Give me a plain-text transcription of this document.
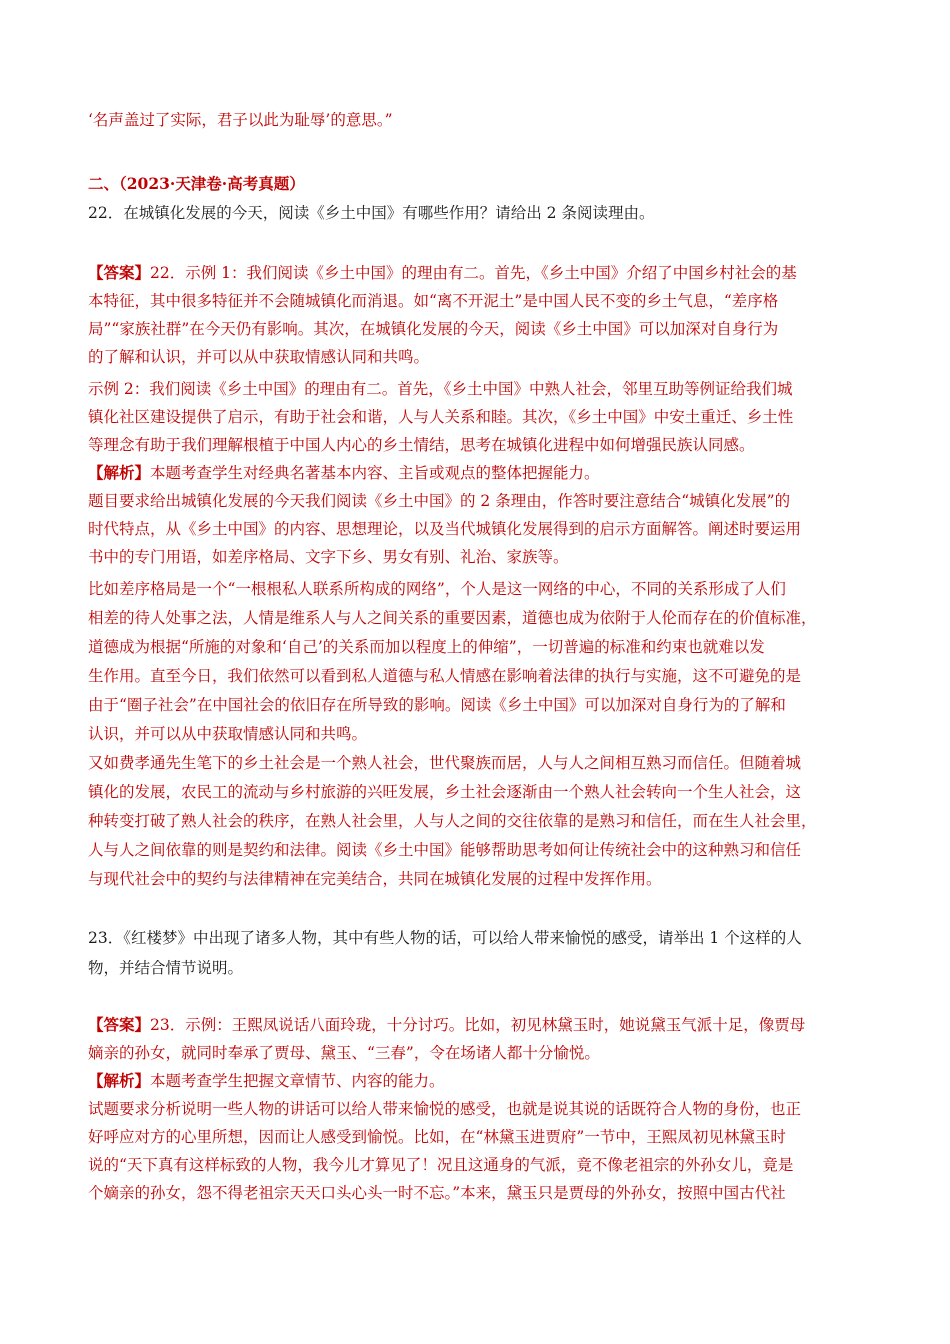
‘名声盖过了实际，君子以此为耻辱’的意思。”
二、（2023·天津卷·高考真题）
22．在城镇化发展的今天，阅读《乡土中国》有哪些作用？请给出 2 条阅读理由。
【答案】22．示例 1：我们阅读《乡土中国》的理由有二。首先，《乡土中国》介绍了中国乡村社会的基
本特征，其中很多特征并不会随城镇化而消退。如“离不开泥土”是中国人民不变的乡土气息，“差序格
局”“家族社群”在今天仍有影响。其次，在城镇化发展的今天，阅读《乡土中国》可以加深对自身行为
的了解和认识，并可以从中获取情感认同和共鸣。
示例 2：我们阅读《乡土中国》的理由有二。首先，《乡土中国》中熟人社会，邻里互助等例证给我们城
镇化社区建设提供了启示，有助于社会和谐，人与人关系和睦。其次，《乡土中国》中安土重迁、乡土性
等理念有助于我们理解根植于中国人内心的乡土情结，思考在城镇化进程中如何增强民族认同感。
【解析】本题考查学生对经典名著基本内容、主旨或观点的整体把握能力。
题目要求给出城镇化发展的今天我们阅读《乡土中国》的 2 条理由，作答时要注意结合“城镇化发展”的
时代特点，从《乡土中国》的内容、思想理论，以及当代城镇化发展得到的启示方面解答。阐述时要运用
书中的专门用语，如差序格局、文字下乡、男女有别、礼治、家族等。
比如差序格局是一个“一根根私人联系所构成的网络”，个人是这一网络的中心，不同的关系形成了人们
相差的待人处事之法，人情是维系人与人之间关系的重要因素，道德也成为依附于人伦而存在的价值标准，
道德成为根据“所施的对象和‘自己’的关系而加以程度上的伸缩”，一切普遍的标准和约束也就难以发
生作用。直至今日，我们依然可以看到私人道德与私人情感在影响着法律的执行与实施，这不可避免的是
由于“圈子社会”在中国社会的依旧存在所导致的影响。阅读《乡土中国》可以加深对自身行为的了解和
认识，并可以从中获取情感认同和共鸣。
又如费孝通先生笔下的乡土社会是一个熟人社会，世代聚族而居，人与人之间相互熟习而信任。但随着城
镇化的发展，农民工的流动与乡村旅游的兴旺发展，乡土社会逐渐由一个熟人社会转向一个生人社会，这
种转变打破了熟人社会的秩序，在熟人社会里，人与人之间的交往依靠的是熟习和信任，而在生人社会里，
人与人之间依靠的则是契约和法律。阅读《乡土中国》能够帮助思考如何让传统社会中的这种熟习和信任
与现代社会中的契约与法律精神在完美结合，共同在城镇化发展的过程中发挥作用。
23．《红楼梦》中出现了诸多人物，其中有些人物的话，可以给人带来愉悦的感受，请举出 1 个这样的人
物，并结合情节说明。
【答案】23．示例：王熙凤说话八面玲珑，十分讨巧。比如，初见林黛玉时，她说黛玉气派十足，像贾母
嫡亲的孙女，就同时奉承了贾母、黛玉、“三春”，令在场诸人都十分愉悦。
【解析】本题考查学生把握文章情节、内容的能力。
试题要求分析说明一些人物的讲话可以给人带来愉悦的感受，也就是说其说的话既符合人物的身份，也正
好呼应对方的心里所想，因而让人感受到愉悦。比如，在“林黛玉进贾府”一节中，王熙凤初见林黛玉时
说的“天下真有这样标致的人物，我今儿才算见了！况且这通身的气派，竟不像老祖宗的外孙女儿，竟是
个嫡亲的孙女，怨不得老祖宗天天口头心头一时不忘。”本来，黛玉只是贾母的外孙女，按照中国古代社
